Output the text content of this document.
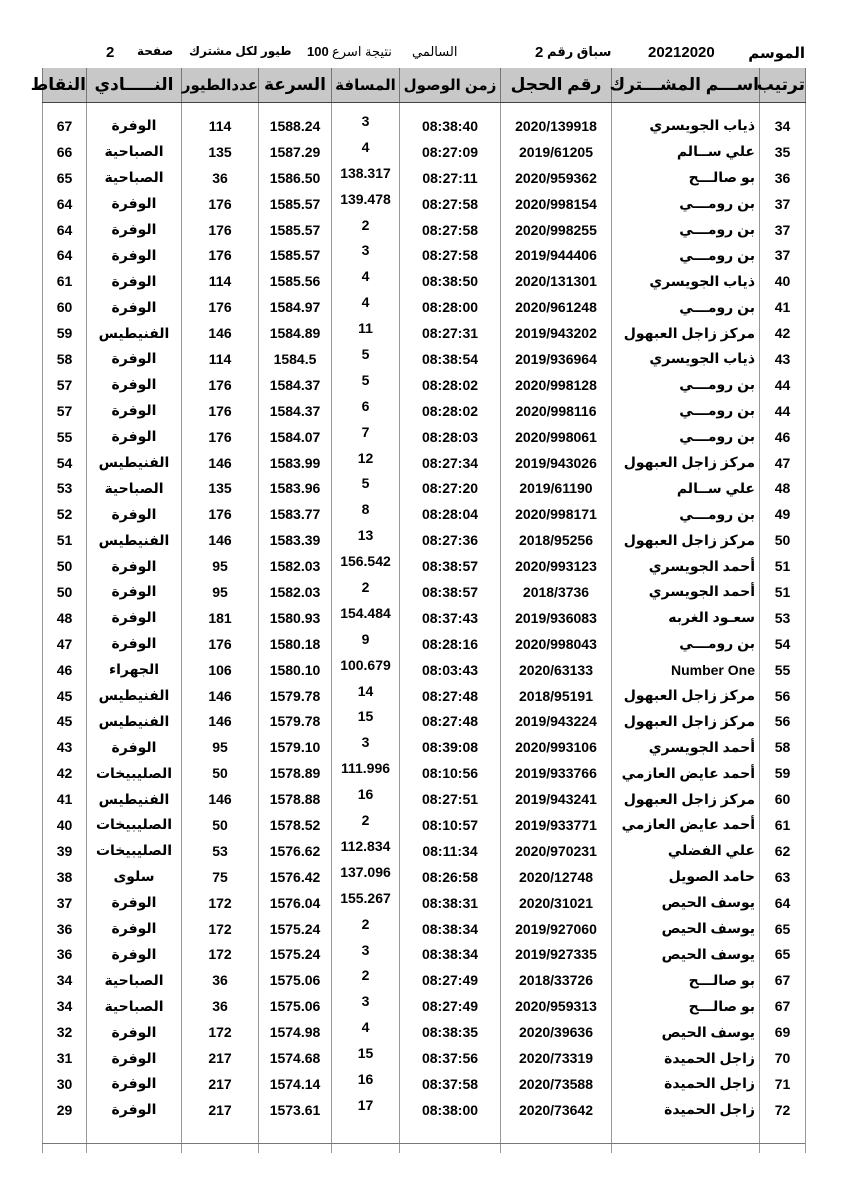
الموسم
20212020
سباق رقم
2
السالمي
نتيجة اسرع
100
طيور لكل مشترك
صفحة
2
ترتيب	اســـم المشـــترك	رقم الحجل	زمن الوصول	المسافة	السرعة	عددالطيور	النـــــادي	النقاط
34	ذياب الجويسري	2020/139918	08:38:40	3	1588.24	114	الوفرة	67
35	علي ســالم	2019/61205	08:27:09	4	1587.29	135	الصباحية	66
36	بو صالـــح	2020/959362	08:27:11	138.317	1586.50	36	الصباحية	65
37	بن رومـــي	2020/998154	08:27:58	139.478	1585.57	176	الوفرة	64
37	بن رومـــي	2020/998255	08:27:58	2	1585.57	176	الوفرة	64
37	بن رومـــي	2019/944406	08:27:58	3	1585.57	176	الوفرة	64
40	ذياب الجويسري	2020/131301	08:38:50	4	1585.56	114	الوفرة	61
41	بن رومـــي	2020/961248	08:28:00	4	1584.97	176	الوفرة	60
42	مركز زاجل العبهول	2019/943202	08:27:31	11	1584.89	146	الفنيطيس	59
43	ذياب الجويسري	2019/936964	08:38:54	5	1584.5	114	الوفرة	58
44	بن رومـــي	2020/998128	08:28:02	5	1584.37	176	الوفرة	57
44	بن رومـــي	2020/998116	08:28:02	6	1584.37	176	الوفرة	57
46	بن رومـــي	2020/998061	08:28:03	7	1584.07	176	الوفرة	55
47	مركز زاجل العبهول	2019/943026	08:27:34	12	1583.99	146	الفنيطيس	54
48	علي ســالم	2019/61190	08:27:20	5	1583.96	135	الصباحية	53
49	بن رومـــي	2020/998171	08:28:04	8	1583.77	176	الوفرة	52
50	مركز زاجل العبهول	2018/95256	08:27:36	13	1583.39	146	الفنيطيس	51
51	أحمد الجويسري	2020/993123	08:38:57	156.542	1582.03	95	الوفرة	50
51	أحمد الجويسري	2018/3736	08:38:57	2	1582.03	95	الوفرة	50
53	سعـود الغربه	2019/936083	08:37:43	154.484	1580.93	181	الوفرة	48
54	بن رومـــي	2020/998043	08:28:16	9	1580.18	176	الوفرة	47
55	Number One	2020/63133	08:03:43	100.679	1580.10	106	الجهراء	46
56	مركز زاجل العبهول	2018/95191	08:27:48	14	1579.78	146	الفنيطيس	45
56	مركز زاجل العبهول	2019/943224	08:27:48	15	1579.78	146	الفنيطيس	45
58	أحمد الجويسري	2020/993106	08:39:08	3	1579.10	95	الوفرة	43
59	أحمد عايض العازمي	2019/933766	08:10:56	111.996	1578.89	50	الصليبيخات	42
60	مركز زاجل العبهول	2019/943241	08:27:51	16	1578.88	146	الفنيطيس	41
61	أحمد عايض العازمي	2019/933771	08:10:57	2	1578.52	50	الصليبيخات	40
62	علي الفضلي	2020/970231	08:11:34	112.834	1576.62	53	الصليبيخات	39
63	حامد الصويل	2020/12748	08:26:58	137.096	1576.42	75	سلوى	38
64	يوسف الحيص	2020/31021	08:38:31	155.267	1576.04	172	الوفرة	37
65	يوسف الحيص	2019/927060	08:38:34	2	1575.24	172	الوفرة	36
65	يوسف الحيص	2019/927335	08:38:34	3	1575.24	172	الوفرة	36
67	بو صالـــح	2018/33726	08:27:49	2	1575.06	36	الصباحية	34
67	بو صالـــح	2020/959313	08:27:49	3	1575.06	36	الصباحية	34
69	يوسف الحيص	2020/39636	08:38:35	4	1574.98	172	الوفرة	32
70	زاجل الحميدة	2020/73319	08:37:56	15	1574.68	217	الوفرة	31
71	زاجل الحميدة	2020/73588	08:37:58	16	1574.14	217	الوفرة	30
72	زاجل الحميدة	2020/73642	08:38:00	17	1573.61	217	الوفرة	29
